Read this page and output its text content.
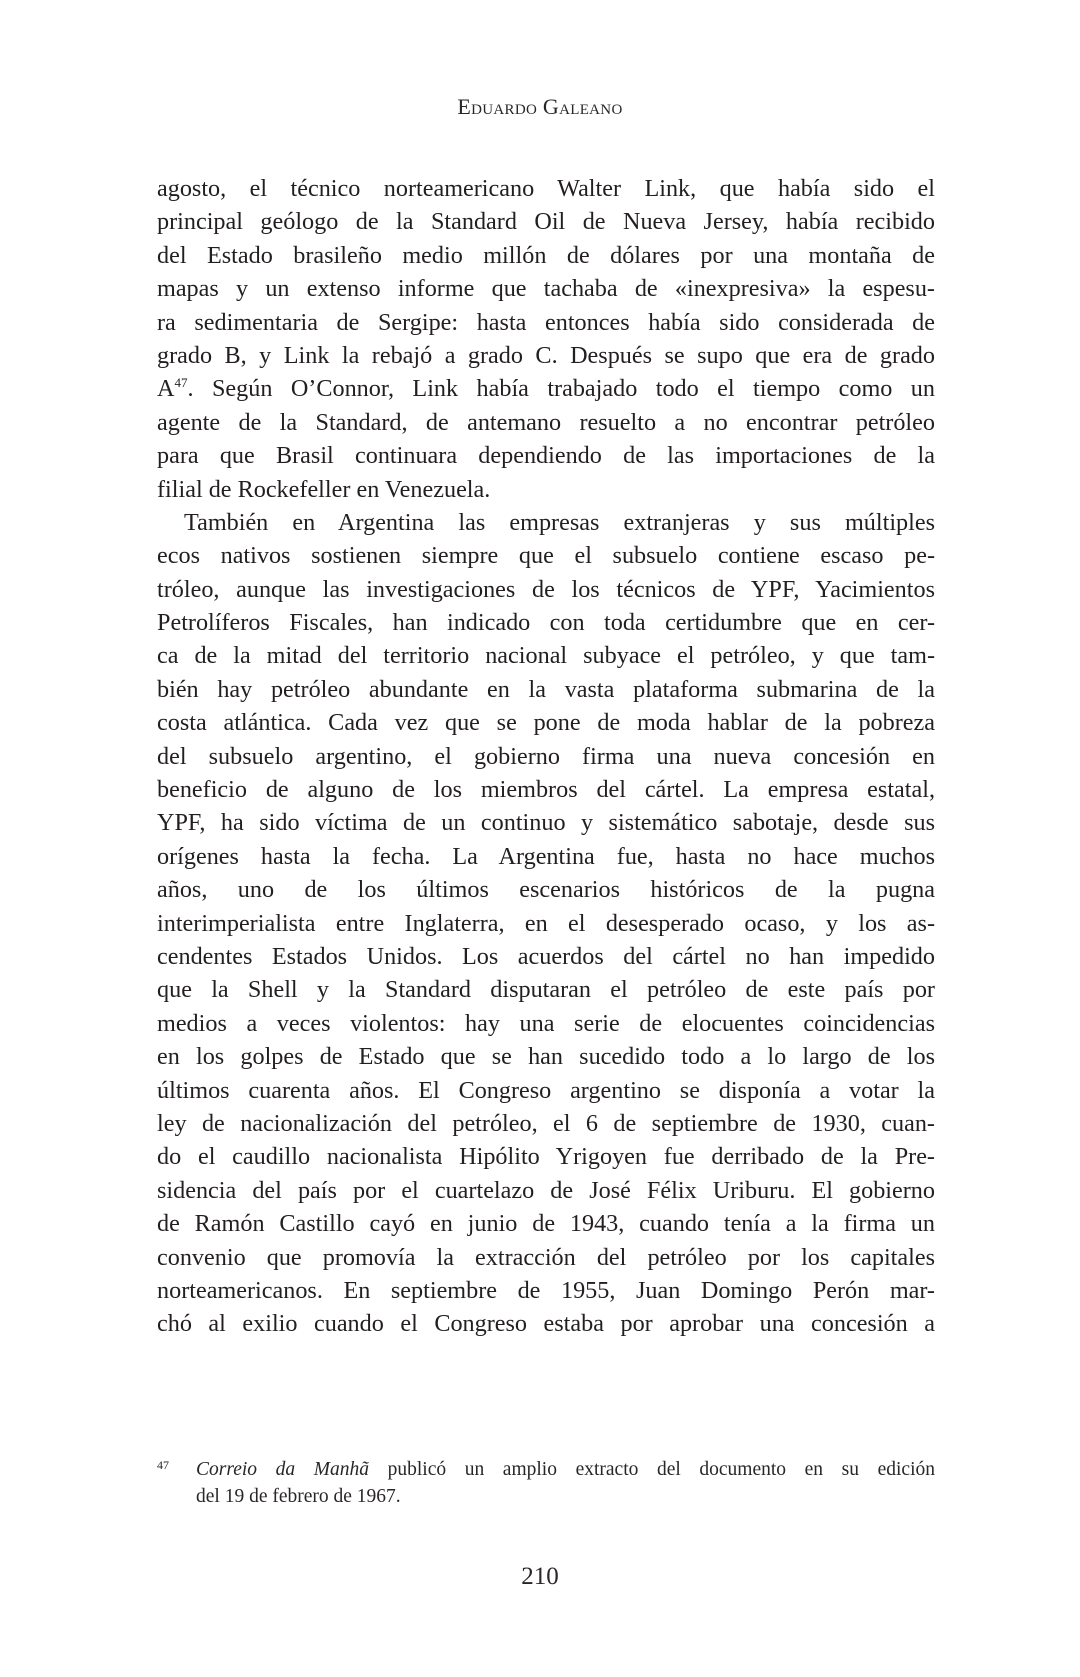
Eduardo Galeano
agosto, el técnico norteamericano Walter Link, que había sido el
principal geólogo de la Standard Oil de Nueva Jersey, había recibido
del Estado brasileño medio millón de dólares por una montaña de
mapas y un extenso informe que tachaba de «inexpresiva» la espesu-
ra sedimentaria de Sergipe: hasta entonces había sido considerada de
grado B, y Link la rebajó a grado C. Después se supo que era de grado
$A^{47}$. Según O’Connor, Link había trabajado todo el tiempo como un
agente de la Standard, de antemano resuelto a no encontrar petróleo
para que Brasil continuara dependiendo de las importaciones de la
filial de Rockefeller en Venezuela.
También en Argentina las empresas extranjeras y sus múltiples
ecos nativos sostienen siempre que el subsuelo contiene escaso pe-
tróleo, aunque las investigaciones de los técnicos de YPF, Yacimientos
Petrolíferos Fiscales, han indicado con toda certidumbre que en cer-
ca de la mitad del territorio nacional subyace el petróleo, y que tam-
bién hay petróleo abundante en la vasta plataforma submarina de la
costa atlántica. Cada vez que se pone de moda hablar de la pobreza
del subsuelo argentino, el gobierno firma una nueva concesión en
beneficio de alguno de los miembros del cártel. La empresa estatal,
YPF, ha sido víctima de un continuo y sistemático sabotaje, desde sus
orígenes hasta la fecha. La Argentina fue, hasta no hace muchos
años, uno de los últimos escenarios históricos de la pugna
interimperialista entre Inglaterra, en el desesperado ocaso, y los as-
cendentes Estados Unidos. Los acuerdos del cártel no han impedido
que la Shell y la Standard disputaran el petróleo de este país por
medios a veces violentos: hay una serie de elocuentes coincidencias
en los golpes de Estado que se han sucedido todo a lo largo de los
últimos cuarenta años. El Congreso argentino se disponía a votar la
ley de nacionalización del petróleo, el 6 de septiembre de 1930, cuan-
do el caudillo nacionalista Hipólito Yrigoyen fue derribado de la Pre-
sidencia del país por el cuartelazo de José Félix Uriburu. El gobierno
de Ramón Castillo cayó en junio de 1943, cuando tenía a la firma un
convenio que promovía la extracción del petróleo por los capitales
norteamericanos. En septiembre de 1955, Juan Domingo Perón mar-
chó al exilio cuando el Congreso estaba por aprobar una concesión a
47 Correio da Manhã publicó un amplio extracto del documento en su edición
del 19 de febrero de 1967.
210
